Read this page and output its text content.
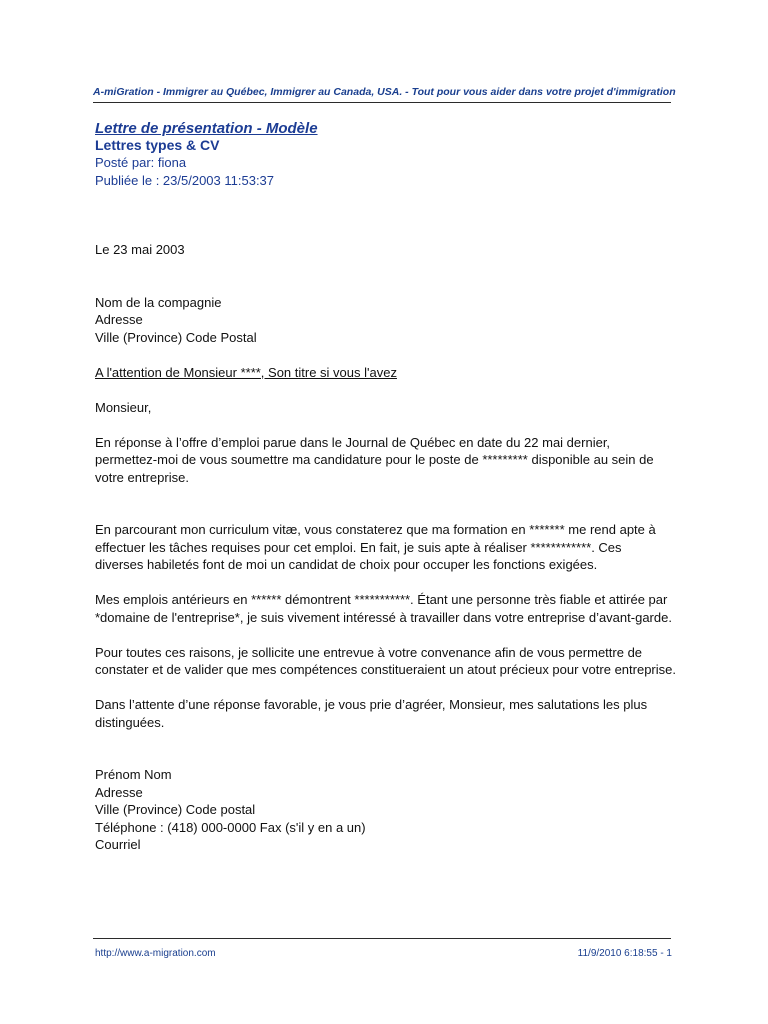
A-miGration - Immigrer au Québec, Immigrer au Canada, USA. - Tout pour vous aider dans votre projet d'immigration
Lettre de présentation - Modèle
Lettres types & CV
Posté par: fiona
Publiée le : 23/5/2003 11:53:37

Le 23 mai 2003

Nom de la compagnie
Adresse
Ville (Province) Code Postal

A l'attention de Monsieur ****, Son titre si vous l'avez

Monsieur,

En réponse à l’offre d’emploi parue dans le Journal de Québec en date du 22 mai dernier,
permettez-moi de vous soumettre ma candidature pour le poste de ********* disponible au sein de
votre entreprise.
En parcourant mon curriculum vitæ, vous constaterez que ma formation en ******* me rend apte à
effectuer les tâches requises pour cet emploi. En fait, je suis apte à réaliser ************. Ces
diverses habiletés font de moi un candidat de choix pour occuper les fonctions exigées.
Mes emplois antérieurs en ****** démontrent ***********. Étant une personne très fiable et attirée par
*domaine de l'entreprise*, je suis vivement intéressé à travailler dans votre entreprise d’avant-garde.
Pour toutes ces raisons, je sollicite une entrevue à votre convenance afin de vous permettre de
constater et de valider que mes compétences constitueraient un atout précieux pour votre entreprise.
Dans l’attente d’une réponse favorable, je vous prie d’agréer, Monsieur, mes salutations les plus
distinguées.
Prénom Nom
Adresse
Ville (Province) Code postal
Téléphone : (418) 000-0000 Fax (s'il y en a un)
Courriel
http://www.a-migration.com	11/9/2010 6:18:55 - 1
